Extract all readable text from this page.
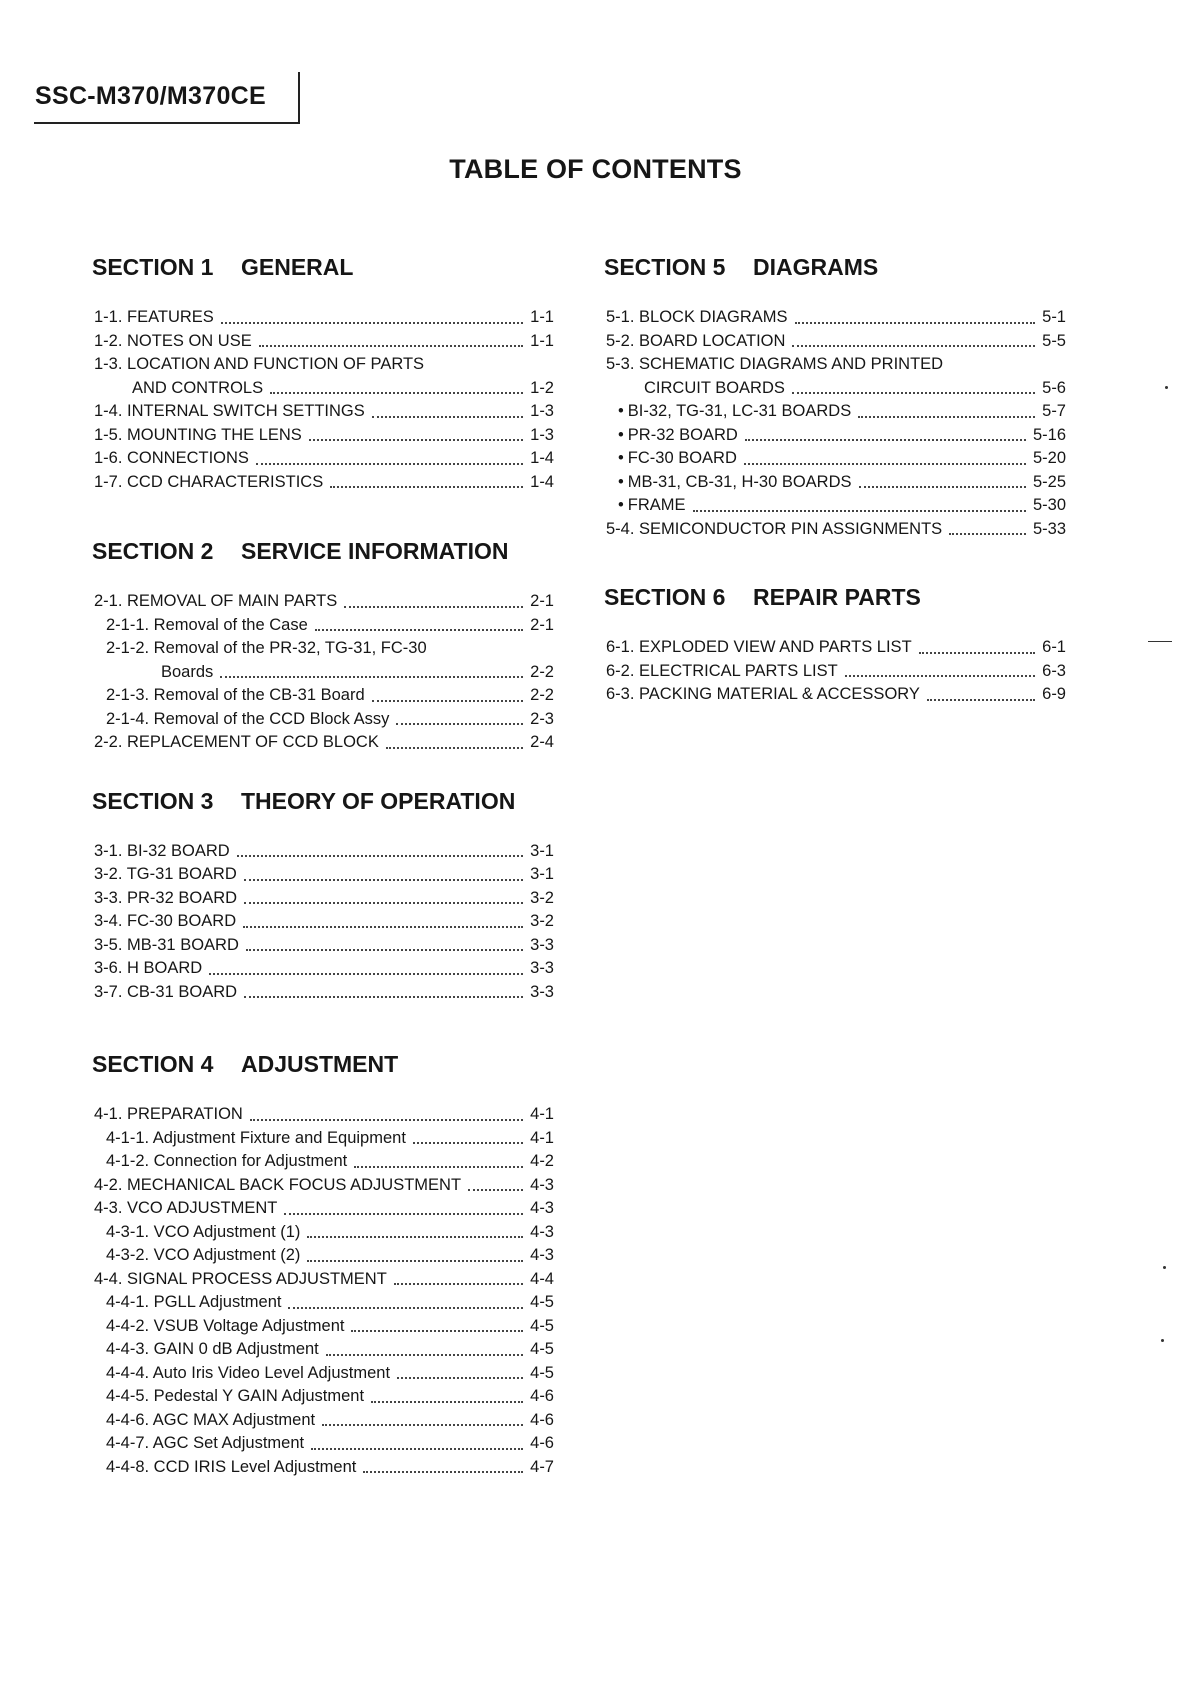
SSC-M370/M370CE
TABLE OF CONTENTS
SECTION 1 GENERAL
1-1. FEATURES	1-1
1-2. NOTES ON USE	1-1
1-3. LOCATION AND FUNCTION OF PARTS
AND CONTROLS	1-2
1-4. INTERNAL SWITCH SETTINGS	1-3
1-5. MOUNTING THE LENS	1-3
1-6. CONNECTIONS	1-4
1-7. CCD CHARACTERISTICS	1-4
SECTION 2 SERVICE INFORMATION
2-1. REMOVAL OF MAIN PARTS	2-1
2-1-1. Removal of the Case	2-1
2-1-2. Removal of the PR-32, TG-31, FC-30
Boards	2-2
2-1-3. Removal of the CB-31 Board	2-2
2-1-4. Removal of the CCD Block Assy	2-3
2-2. REPLACEMENT OF CCD BLOCK	2-4
SECTION 3 THEORY OF OPERATION
3-1. BI-32 BOARD	3-1
3-2. TG-31 BOARD	3-1
3-3. PR-32 BOARD	3-2
3-4. FC-30 BOARD	3-2
3-5. MB-31 BOARD	3-3
3-6. H BOARD	3-3
3-7. CB-31 BOARD	3-3
SECTION 4 ADJUSTMENT
4-1. PREPARATION	4-1
4-1-1. Adjustment Fixture and Equipment	4-1
4-1-2. Connection for Adjustment	4-2
4-2. MECHANICAL BACK FOCUS ADJUSTMENT	4-3
4-3. VCO ADJUSTMENT	4-3
4-3-1. VCO Adjustment (1)	4-3
4-3-2. VCO Adjustment (2)	4-3
4-4. SIGNAL PROCESS ADJUSTMENT	4-4
4-4-1. PGLL Adjustment	4-5
4-4-2. VSUB Voltage Adjustment	4-5
4-4-3. GAIN 0 dB Adjustment	4-5
4-4-4. Auto Iris Video Level Adjustment	4-5
4-4-5. Pedestal Y GAIN Adjustment	4-6
4-4-6. AGC MAX Adjustment	4-6
4-4-7. AGC Set Adjustment	4-6
4-4-8. CCD IRIS Level Adjustment	4-7
SECTION 5 DIAGRAMS
5-1. BLOCK DIAGRAMS	5-1
5-2. BOARD LOCATION	5-5
5-3. SCHEMATIC DIAGRAMS AND PRINTED
CIRCUIT BOARDS	5-6
• BI-32, TG-31, LC-31 BOARDS	5-7
• PR-32 BOARD	5-16
• FC-30 BOARD	5-20
• MB-31, CB-31, H-30 BOARDS	5-25
• FRAME	5-30
5-4. SEMICONDUCTOR PIN ASSIGNMENTS	5-33
SECTION 6 REPAIR PARTS
6-1. EXPLODED VIEW AND PARTS LIST	6-1
6-2. ELECTRICAL PARTS LIST	6-3
6-3. PACKING MATERIAL & ACCESSORY	6-9
